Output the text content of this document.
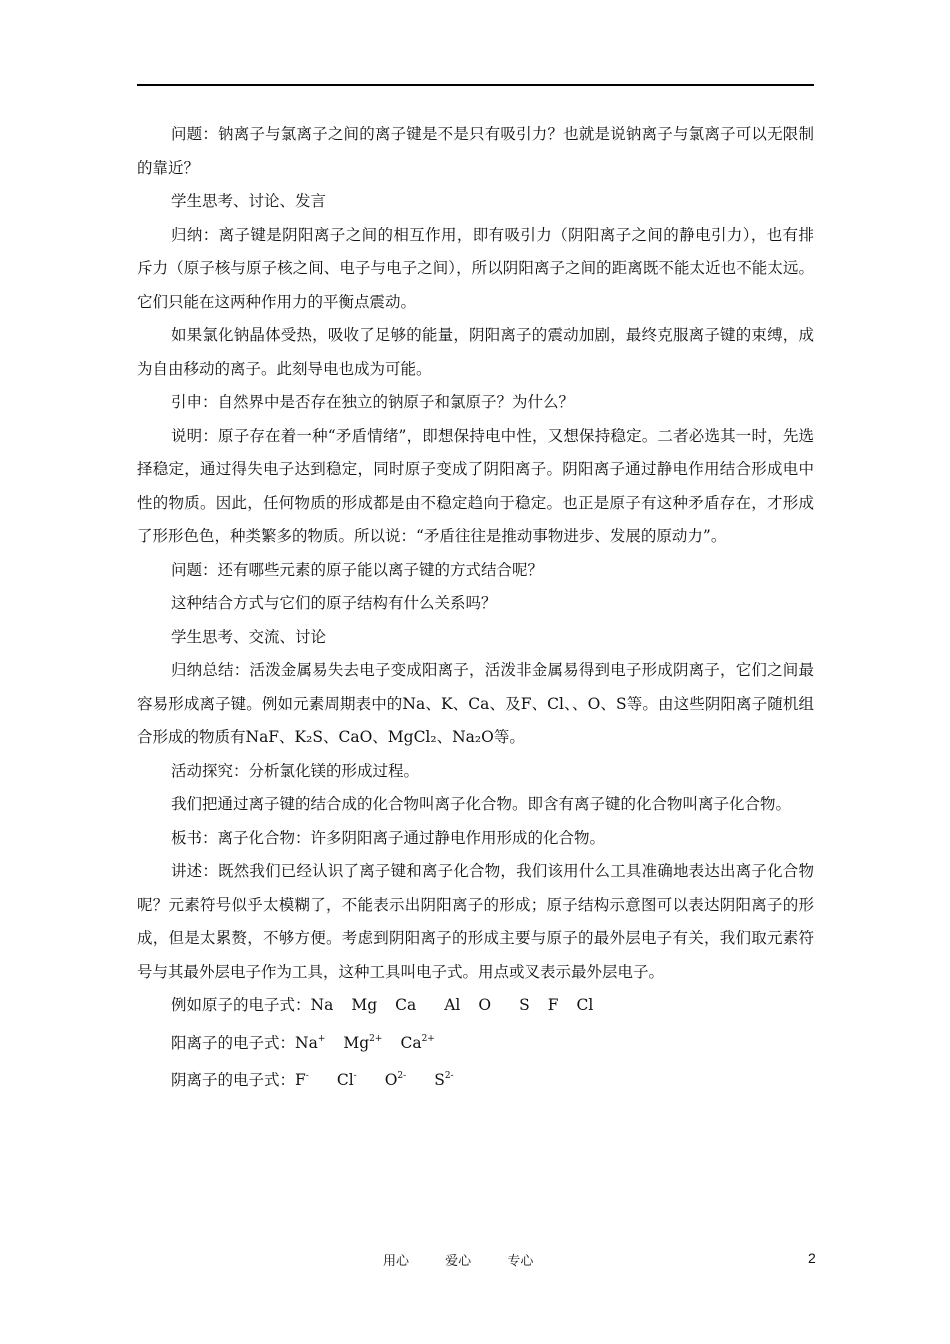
问题：钠离子与氯离子之间的离子键是不是只有吸引力？也就是说钠离子与氯离子可以无限制的靠近？

学生思考、讨论、发言

归纳：离子键是阴阳离子之间的相互作用，即有吸引力（阴阳离子之间的静电引力），也有排斥力（原子核与原子核之间、电子与电子之间），所以阴阳离子之间的距离既不能太近也不能太远。它们只能在这两种作用力的平衡点震动。

如果氯化钠晶体受热，吸收了足够的能量，阴阳离子的震动加剧，最终克服离子键的束缚，成为自由移动的离子。此刻导电也成为可能。

引申：自然界中是否存在独立的钠原子和氯原子？为什么？

说明：原子存在着一种“矛盾情绪”，即想保持电中性，又想保持稳定。二者必选其一时，先选择稳定，通过得失电子达到稳定，同时原子变成了阴阳离子。阴阳离子通过静电作用结合形成电中性的物质。因此，任何物质的形成都是由不稳定趋向于稳定。也正是原子有这种矛盾存在，才形成了形形色色，种类繁多的物质。所以说：“矛盾往往是推动事物进步、发展的原动力”。

问题：还有哪些元素的原子能以离子键的方式结合呢？

这种结合方式与它们的原子结构有什么关系吗？

学生思考、交流、讨论

归纳总结：活泼金属易失去电子变成阳离子，活泼非金属易得到电子形成阴离子，它们之间最容易形成离子键。例如元素周期表中的Na、K、Ca、及F、Cl、、O、S等。由这些阴阳离子随机组合形成的物质有NaF、K₂S、CaO、MgCl₂、Na₂O等。

活动探究：分析氯化镁的形成过程。

我们把通过离子键的结合成的化合物叫离子化合物。即含有离子键的化合物叫离子化合物。

板书：离子化合物：许多阴阳离子通过静电作用形成的化合物。

讲述：既然我们已经认识了离子键和离子化合物，我们该用什么工具准确地表达出离子化合物呢？元素符号似乎太模糊了，不能表示出阴阳离子的形成；原子结构示意图可以表达阴阳离子的形成，但是太累赘，不够方便。考虑到阴阳离子的形成主要与原子的最外层电子有关，我们取元素符号与其最外层电子作为工具，这种工具叫电子式。用点或叉表示最外层电子。

例如原子的电子式：Na Mg Ca Al O S F Cl

阳离子的电子式：Na+ $Mg^{2+}$ $Ca^{2+}$

阴离子的电子式：F- Cl- $O^{2-}$ $S^{2-}$

用心	爱心	专心	2
